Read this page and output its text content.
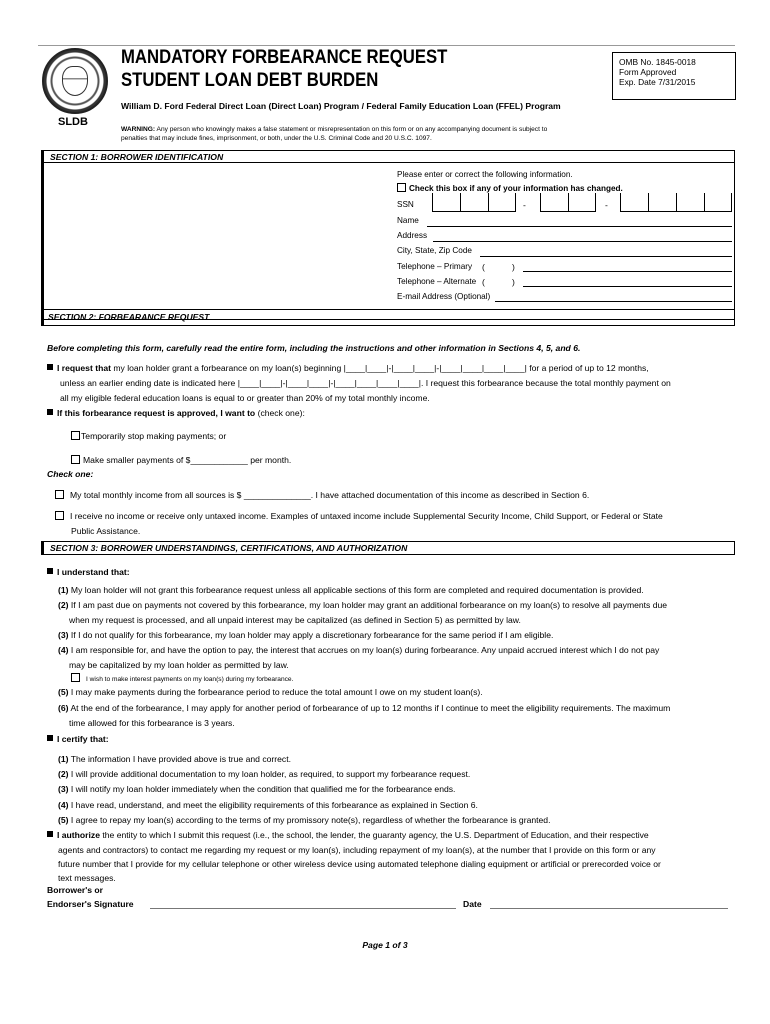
SLDB
MANDATORY FORBEARANCE REQUEST
STUDENT LOAN DEBT BURDEN
OMB No. 1845-0018
Form Approved
Exp. Date 7/31/2015
William D. Ford Federal Direct Loan (Direct Loan) Program / Federal Family Education Loan (FFEL) Program
WARNING: Any person who knowingly makes a false statement or misrepresentation on this form or on any accompanying document is subject to
penalties that may include fines, imprisonment, or both, under the U.S. Criminal Code and 20 U.S.C. 1097.
SECTION 1: BORROWER IDENTIFICATION
Please enter or correct the following information.
Check this box if any of your information has changed.
SSN	-	-
Name
Address
City, State, Zip Code
Telephone – Primary (	)
Telephone – Alternate (	)
E-mail Address (Optional)
SECTION 2: FORBEARANCE REQUEST
Before completing this form, carefully read the entire form, including the instructions and other information in Sections 4, 5, and 6.
I request that my loan holder grant a forbearance on my loan(s) beginning |____|____|-|____|____|-|____|____|____|____| for a period of up to 12 months,
unless an earlier ending date is indicated here |____|____|-|____|____|-|____|____|____|____|. I request this forbearance because the total monthly payment on
all my eligible federal education loans is equal to or greater than 20% of my total monthly income.
If this forbearance request is approved, I want to (check one):
Temporarily stop making payments; or
Make smaller payments of $____________ per month.
Check one:
My total monthly income from all sources is $ ______________. I have attached documentation of this income as described in Section 6.
I receive no income or receive only untaxed income. Examples of untaxed income include Supplemental Security Income, Child Support, or Federal or State
Public Assistance.
SECTION 3: BORROWER UNDERSTANDINGS, CERTIFICATIONS, AND AUTHORIZATION
I understand that:
(1) My loan holder will not grant this forbearance request unless all applicable sections of this form are completed and required documentation is provided.
(2) If I am past due on payments not covered by this forbearance, my loan holder may grant an additional forbearance on my loan(s) to resolve all payments due
when my request is processed, and all unpaid interest may be capitalized (as defined in Section 5) as permitted by law.
(3) If I do not qualify for this forbearance, my loan holder may apply a discretionary forbearance for the same period if I am eligible.
(4) I am responsible for, and have the option to pay, the interest that accrues on my loan(s) during forbearance. Any unpaid accrued interest which I do not pay
may be capitalized by my loan holder as permitted by law.
I wish to make interest payments on my loan(s) during my forbearance.
(5) I may make payments during the forbearance period to reduce the total amount I owe on my student loan(s).
(6) At the end of the forbearance, I may apply for another period of forbearance of up to 12 months if I continue to meet the eligibility requirements. The maximum
time allowed for this forbearance is 3 years.
I certify that:
(1) The information I have provided above is true and correct.
(2) I will provide additional documentation to my loan holder, as required, to support my forbearance request.
(3) I will notify my loan holder immediately when the condition that qualified me for the forbearance ends.
(4) I have read, understand, and meet the eligibility requirements of this forbearance as explained in Section 6.
(5) I agree to repay my loan(s) according to the terms of my promissory note(s), regardless of whether the forbearance is granted.
I authorize the entity to which I submit this request (i.e., the school, the lender, the guaranty agency, the U.S. Department of Education, and their respective
agents and contractors) to contact me regarding my request or my loan(s), including repayment of my loan(s), at the number that I provide on this form or any
future number that I provide for my cellular telephone or other wireless device using automated telephone dialing equipment or artificial or prerecorded voice or
text messages.
Borrower's or
Endorser's Signature	Date
Page 1 of 3
